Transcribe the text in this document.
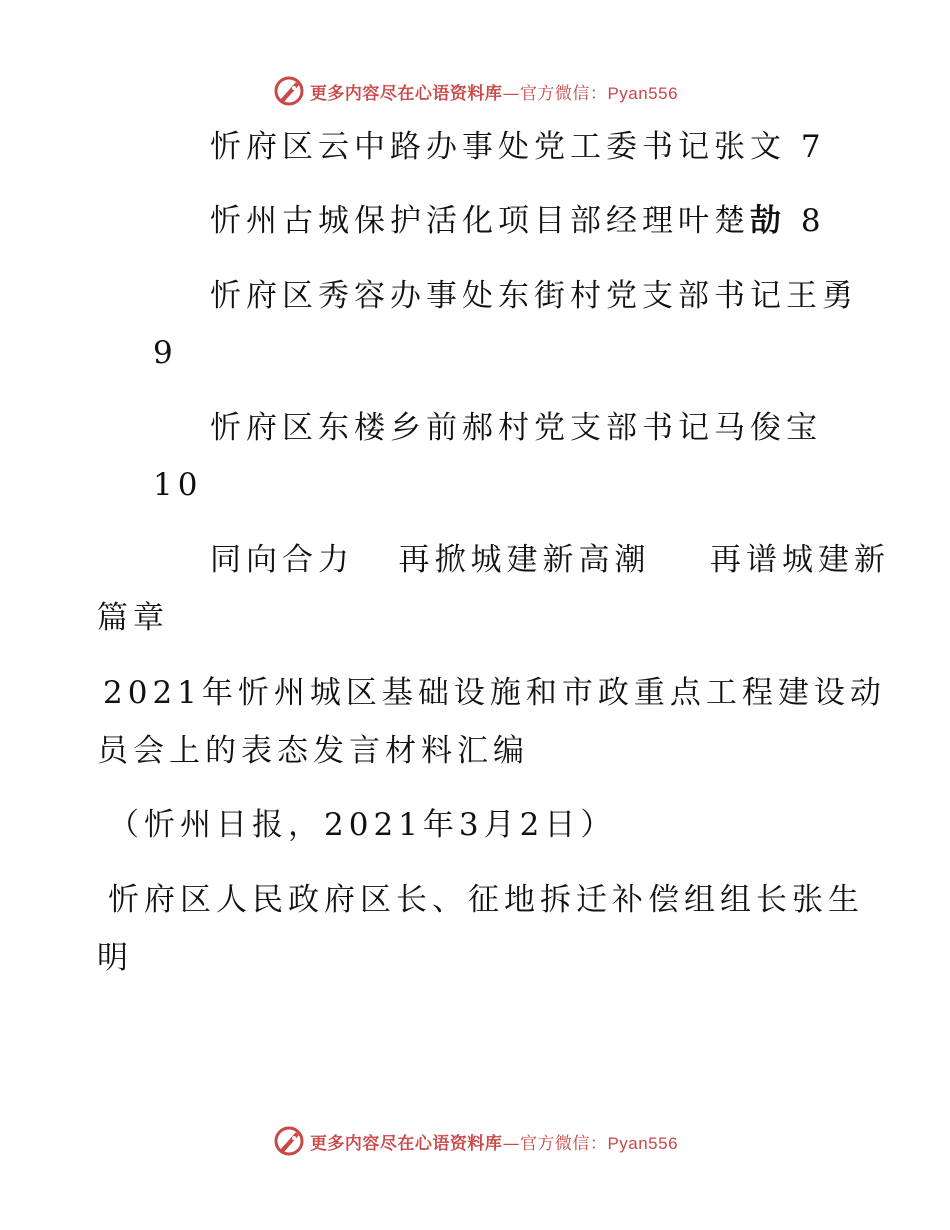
更多内容尽在心语资料库—官方微信：Pyan556
忻府区云中路办事处党工委书记张文 7
忻州古城保护活化项目部经理叶楚劼 8
忻府区秀容办事处东街村党支部书记王勇
9
忻府区东楼乡前郝村党支部书记马俊宝
10
同向合力   再掀城建新高潮    再谱城建新
篇章
2021年忻州城区基础设施和市政重点工程建设动
员会上的表态发言材料汇编
（忻州日报，2021年3月2日）
忻府区人民政府区长、征地拆迁补偿组组长张生
明
更多内容尽在心语资料库—官方微信：Pyan556
